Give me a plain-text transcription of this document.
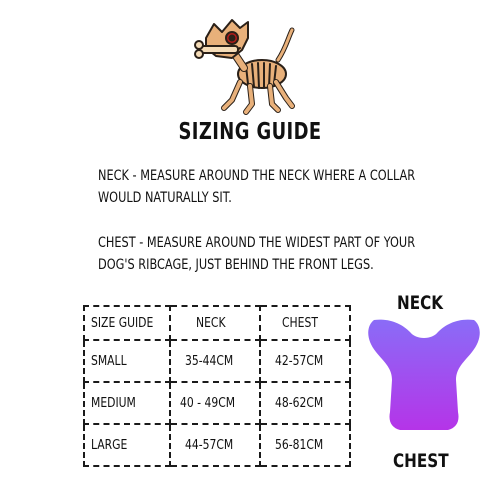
SIZING GUIDE
NECK - MEASURE AROUND THE NECK WHERE A COLLAR
WOULD NATURALLY SIT.
CHEST - MEASURE AROUND THE WIDEST PART OF YOUR
DOG'S RIBCAGE, JUST BEHIND THE FRONT LEGS.
SIZE GUIDE	NECK	CHEST
SMALL	35-44CM	42-57CM
MEDIUM	40 - 49CM	48-62CM
LARGE	44-57CM	56-81CM
NECK
CHEST
